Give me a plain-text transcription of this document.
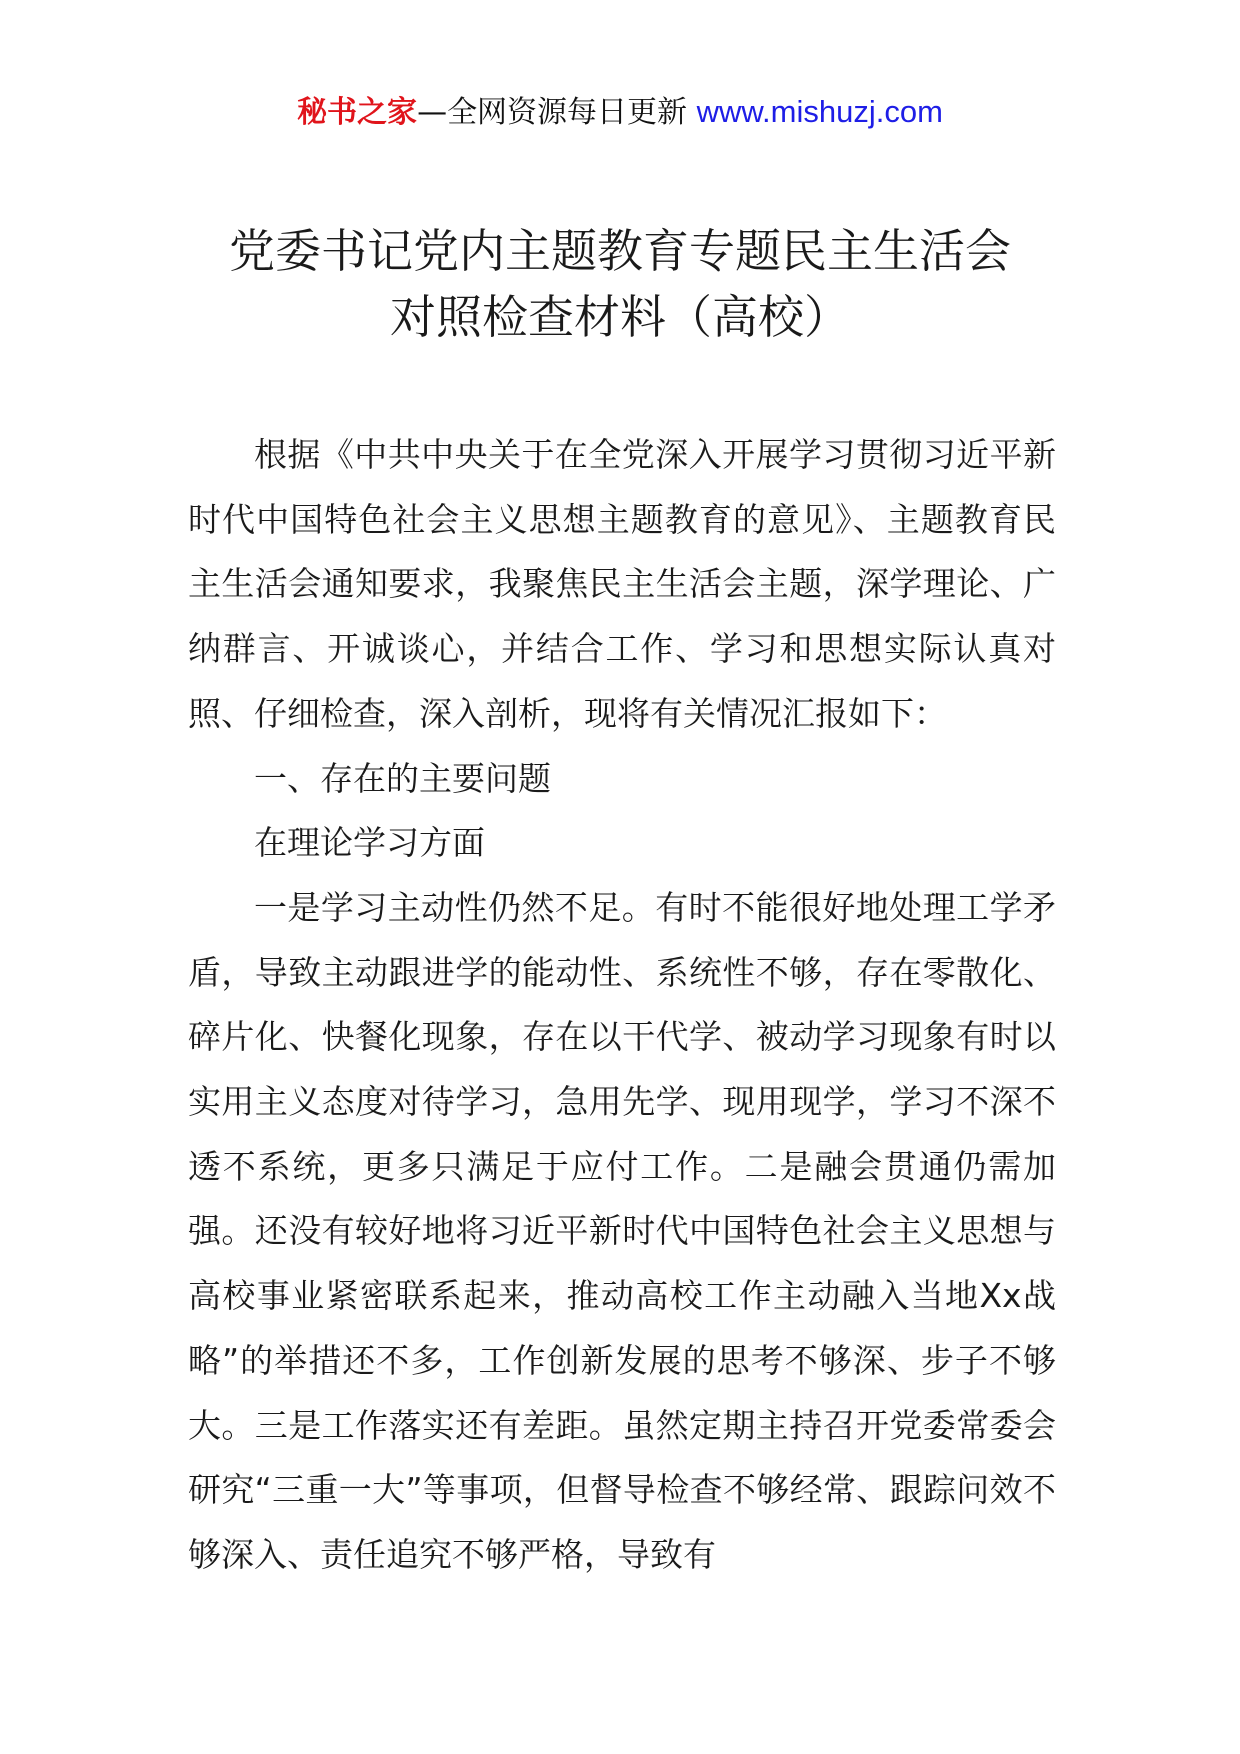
秘书之家—全网资源每日更新 www.mishuzj.com
党委书记党内主题教育专题民主生活会
对照检查材料（高校）

根据《中共中央关于在全党深入开展学习贯彻习近平新时代中国特色社会主义思想主题教育的意见》、主题教育民主生活会通知要求，我聚焦民主生活会主题，深学理论、广纳群言、开诚谈心，并结合工作、学习和思想实际认真对照、仔细检查，深入剖析，现将有关情况汇报如下：

一、存在的主要问题

在理论学习方面

一是学习主动性仍然不足。有时不能很好地处理工学矛盾，导致主动跟进学的能动性、系统性不够，存在零散化、碎片化、快餐化现象，存在以干代学、被动学习现象有时以实用主义态度对待学习，急用先学、现用现学，学习不深不透不系统，更多只满足于应付工作。二是融会贯通仍需加强。还没有较好地将习近平新时代中国特色社会主义思想与高校事业紧密联系起来，推动高校工作主动融入当地Xx战略”的举措还不多，工作创新发展的思考不够深、步子不够大。三是工作落实还有差距。虽然定期主持召开党委常委会研究“三重一大”等事项，但督导检查不够经常、跟踪问效不够深入、责任追究不够严格，导致有
